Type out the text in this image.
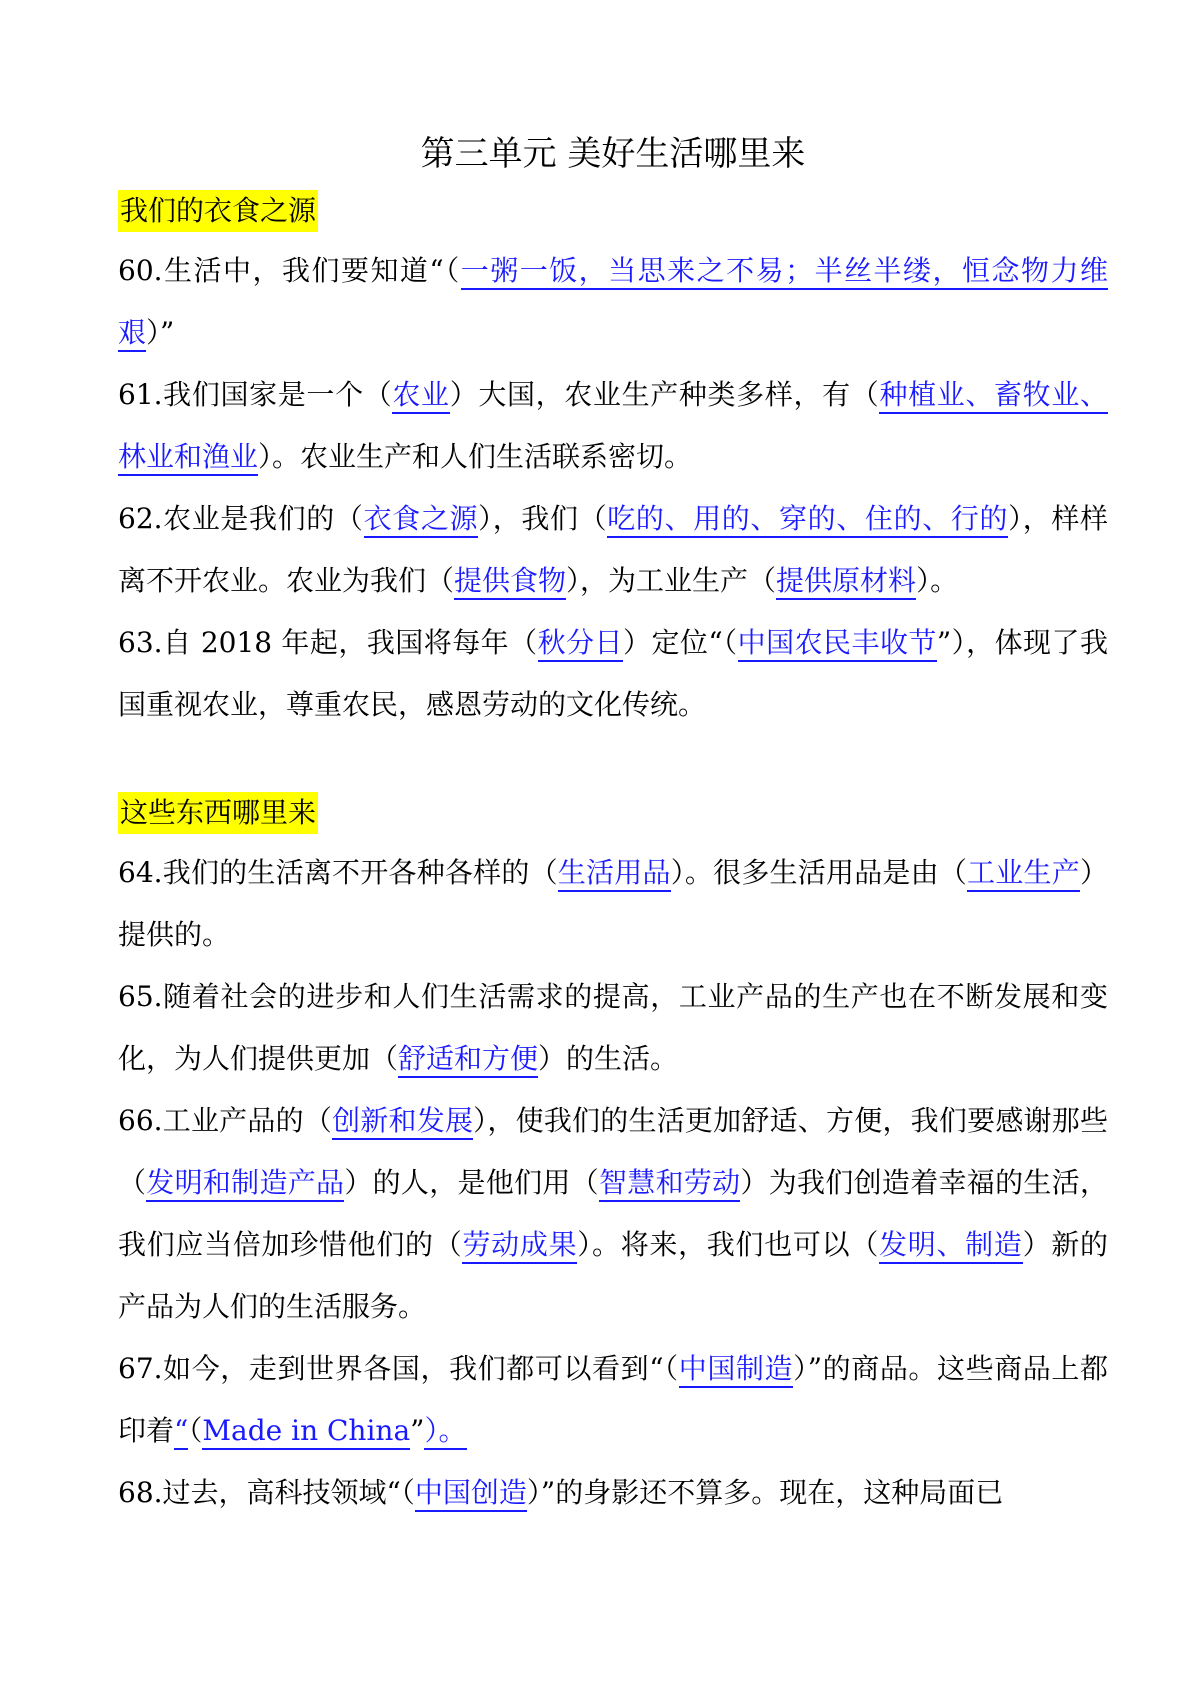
第三单元 美好生活哪里来
我们的衣食之源

60.生活中，我们要知道“（一粥一饭，当思来之不易；半丝半缕，恒念物力维艰）”

61.我们国家是一个（农业）大国，农业生产种类多样，有（种植业、畜牧业、林业和渔业）。农业生产和人们生活联系密切。

62.农业是我们的（衣食之源），我们（吃的、用的、穿的、住的、行的），样样离不开农业。农业为我们（提供食物），为工业生产（提供原材料）。

63.自 2018 年起，我国将每年（秋分日）定位“（中国农民丰收节”），体现了我国重视农业，尊重农民，感恩劳动的文化传统。

这些东西哪里来

64.我们的生活离不开各种各样的（生活用品）。很多生活用品是由（工业生产）提供的。

65.随着社会的进步和人们生活需求的提高，工业产品的生产也在不断发展和变化，为人们提供更加（舒适和方便）的生活。

66.工业产品的（创新和发展），使我们的生活更加舒适、方便，我们要感谢那些（发明和制造产品）的人，是他们用（智慧和劳动）为我们创造着幸福的生活，我们应当倍加珍惜他们的（劳动成果）。将来，我们也可以（发明、制造）新的产品为人们的生活服务。

67.如今，走到世界各国，我们都可以看到“（中国制造）”的商品。这些商品上都印着“（Made in China”）。

68.过去，高科技领域“（中国创造）”的身影还不算多。现在，这种局面已
